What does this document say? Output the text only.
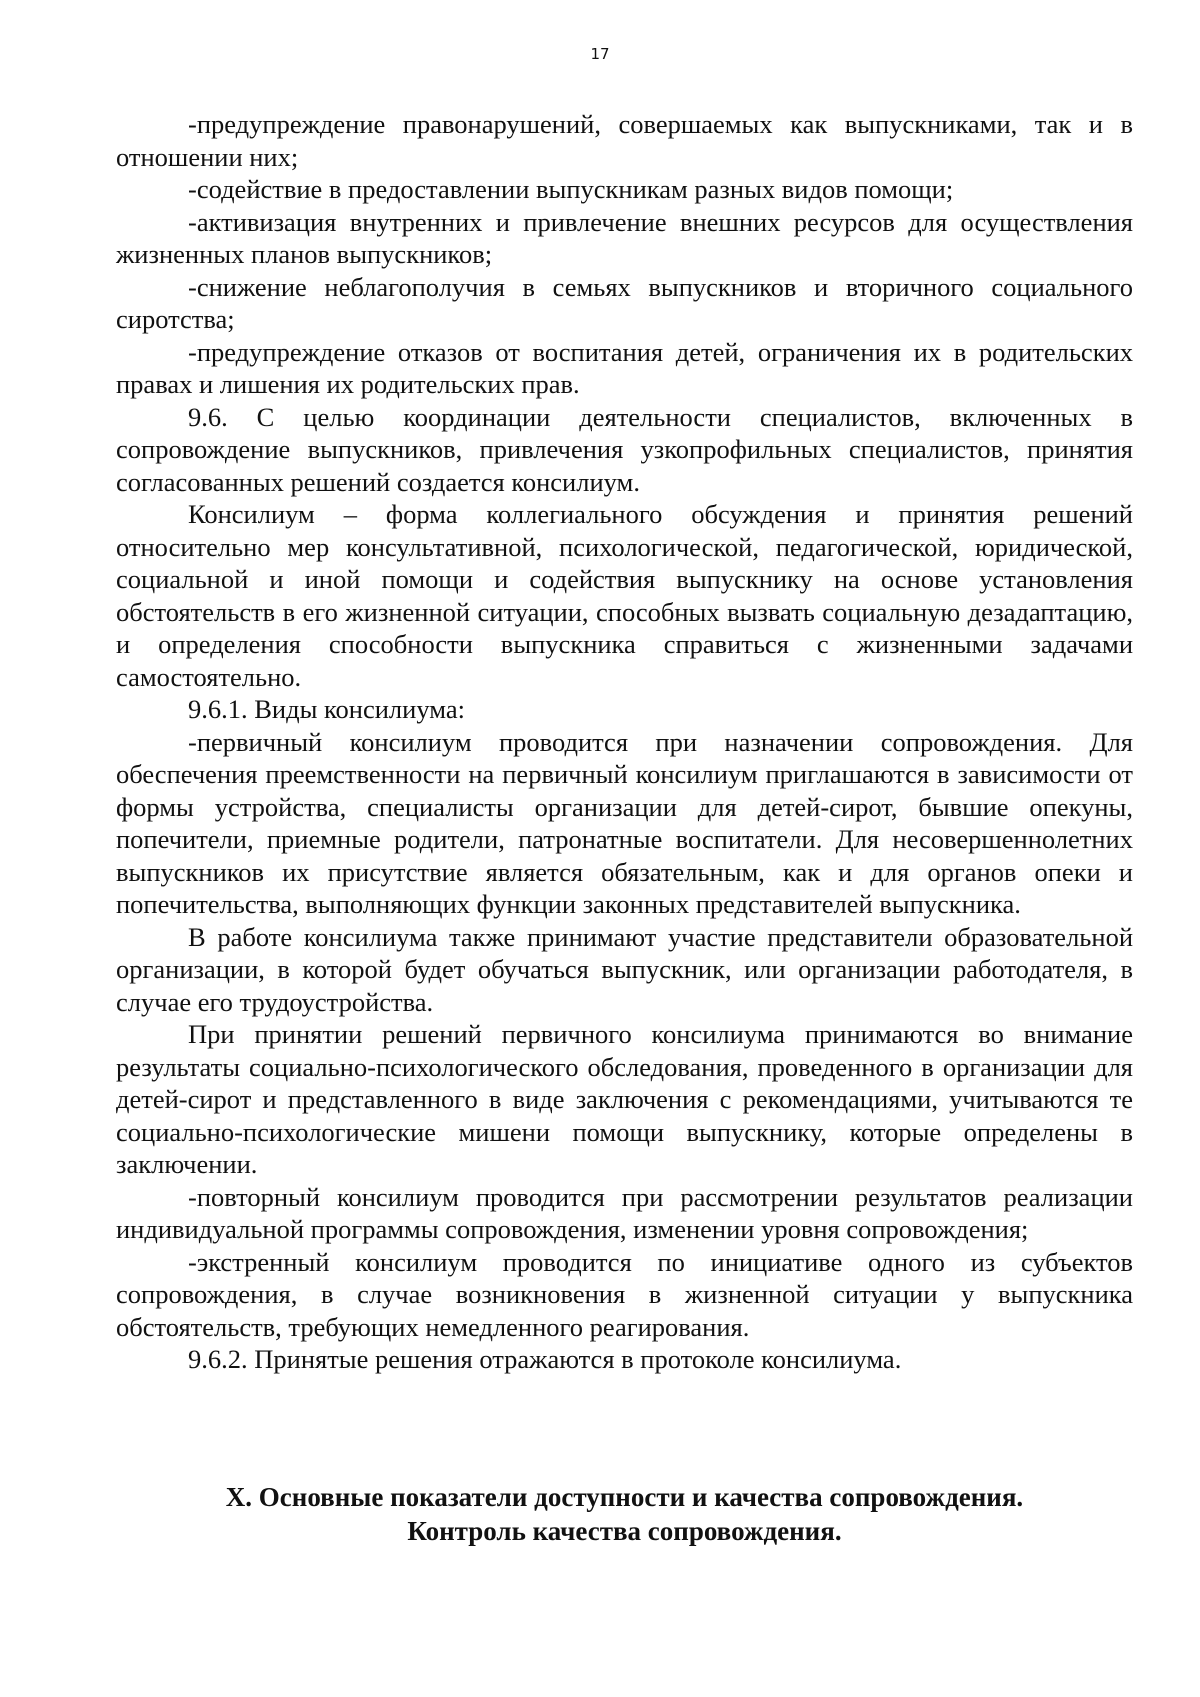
17

-предупреждение правонарушений, совершаемых как выпускниками, так и в отношении них;

-содействие в предоставлении выпускникам разных видов помощи;

-активизация внутренних и привлечение внешних ресурсов для осуществления жизненных планов выпускников;

-снижение неблагополучия в семьях выпускников и вторичного социального сиротства;

-предупреждение отказов от воспитания детей, ограничения их в родительских правах и лишения их родительских прав.

9.6. С целью координации деятельности специалистов, включенных в сопровождение выпускников, привлечения узкопрофильных специалистов, принятия согласованных решений создается консилиум.

Консилиум – форма коллегиального обсуждения и принятия решений относительно мер консультативной, психологической, педагогической, юридической, социальной и иной помощи и содействия выпускнику на основе установления обстоятельств в его жизненной ситуации, способных вызвать социальную дезадаптацию, и определения способности выпускника справиться с жизненными задачами самостоятельно.

9.6.1. Виды консилиума:

-первичный консилиум проводится при назначении сопровождения. Для обеспечения преемственности на первичный консилиум приглашаются в зависимости от формы устройства, специалисты организации для детей-сирот, бывшие опекуны, попечители, приемные родители, патронатные воспитатели. Для несовершеннолетних выпускников их присутствие является обязательным, как и для органов опеки и попечительства, выполняющих функции законных представителей выпускника.

В работе консилиума также принимают участие представители образовательной организации, в которой будет обучаться выпускник, или организации работодателя, в случае его трудоустройства.

При принятии решений первичного консилиума принимаются во внимание результаты социально-психологического обследования, проведенного в организации для детей-сирот и представленного в виде заключения с рекомендациями, учитываются те социально-психологические мишени помощи выпускнику, которые определены в заключении.

-повторный консилиум проводится при рассмотрении результатов реализации индивидуальной программы сопровождения, изменении уровня сопровождения;

-экстренный консилиум проводится по инициативе одного из субъектов сопровождения, в случае возникновения в жизненной ситуации у выпускника обстоятельств, требующих немедленного реагирования.

9.6.2. Принятые решения отражаются в протоколе консилиума.

X. Основные показатели доступности и качества сопровождения.
Контроль качества сопровождения.
